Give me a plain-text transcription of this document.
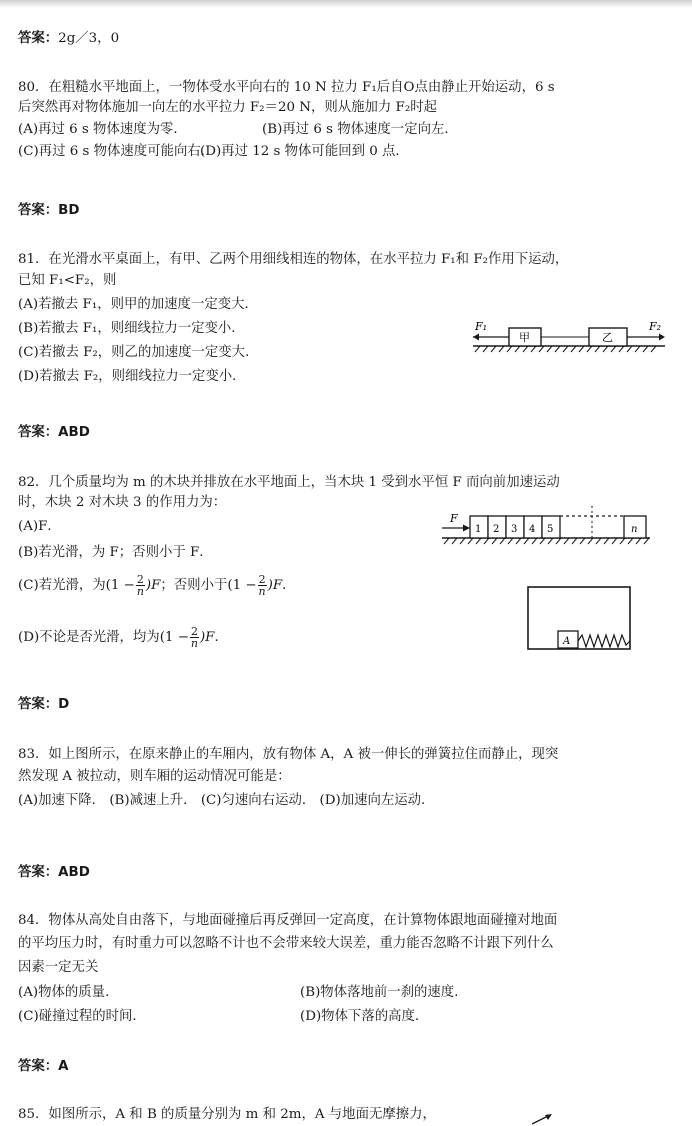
答案：2g／3，0
80．在粗糙水平地面上，一物体受水平向右的 10 N 拉力 F₁后自O点由静止开始运动，6 s
后突然再对物体施加一向左的水平拉力 F₂＝20 N，则从施加力 F₂时起
(A)再过 6 s 物体速度为零．	(B)再过 6 s 物体速度一定向左．
(C)再过 6 s 物体速度可能向右．
(D)再过 12 s 物体可能回到 0 点．
答案：BD
81．在光滑水平桌面上，有甲、乙两个用细线相连的物体，在水平拉力 F₁和 F₂作用下运动，
已知 F₁<F₂，则
(A)若撤去 F₁，则甲的加速度一定变大．
(B)若撤去 F₁，则细线拉力一定变小．
(C)若撤去 F₂，则乙的加速度一定变大．
(D)若撤去 F₂，则细线拉力一定变小．
F₁
甲	乙
F₂
答案：ABD
82．几个质量均为 m 的木块并排放在水平地面上，当木块 1 受到水平恒 F 而向前加速运动
时，木块 2 对木块 3 的作用力为：
(A)F．
(B)若光滑，为 F；否则小于 F．
(C)若光滑，为$(1 - \frac{2}{n} )F$；否则小于$(1 - \frac{2}{n} )F$．
(D)不论是否光滑，均为$(1 - \frac{2}{n} )F$．
F
1 2 3 4 5	n
A
答案：D
83．如上图所示，在原来静止的车厢内，放有物体 A，A 被一伸长的弹簧拉住而静止，现突
然发现 A 被拉动，则车厢的运动情况可能是：
(A)加速下降． (B)减速上升． (C)匀速向右运动． (D)加速向左运动．
答案：ABD
84．物体从高处自由落下，与地面碰撞后再反弹回一定高度，在计算物体跟地面碰撞对地面
的平均压力时，有时重力可以忽略不计也不会带来较大误差，重力能否忽略不计跟下列什么
因素一定无关
(A)物体的质量．	(B)物体落地前一刹的速度．
(C)碰撞过程的时间．	(D)物体下落的高度．
答案：A
85．如图所示，A 和 B 的质量分别为 m 和 2m，A 与地面无摩擦力，
